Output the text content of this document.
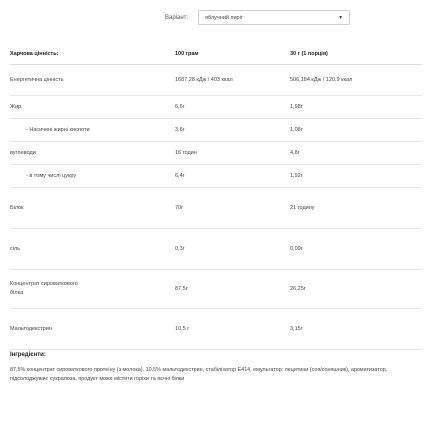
Варіант:	яблучний пиріг	▼
Харчова цінність:	100 грам	30 г (1 порція)
Енергетична цінність	1687,28 кДж / 403 ккал	506,184 кДж / 120,9 ккал
Жир	6,6г	1,98г
- Насичені жирні кислоти	3,6г	1,08г
вуглеводи	16 годин	4,8г
- в тому числі цукру	6,4г	1,92г
Білок	70г	21 годину
сіль	0,3г	0,09г

Концентрат сироваткового білка	87,5г	26,25г
Мальтодекстрин	10,5 г	3,15г
Інгредієнти:
87,5% концентрат сироваткового протеїну (з молока), 10,5% мальтодекстрин, стабілізатор E414, емульгатор: лецитини (соя/соняшник), ароматизатор, підсолоджувач: сукралоза, продукт може містити горіхи та яєчні білки
